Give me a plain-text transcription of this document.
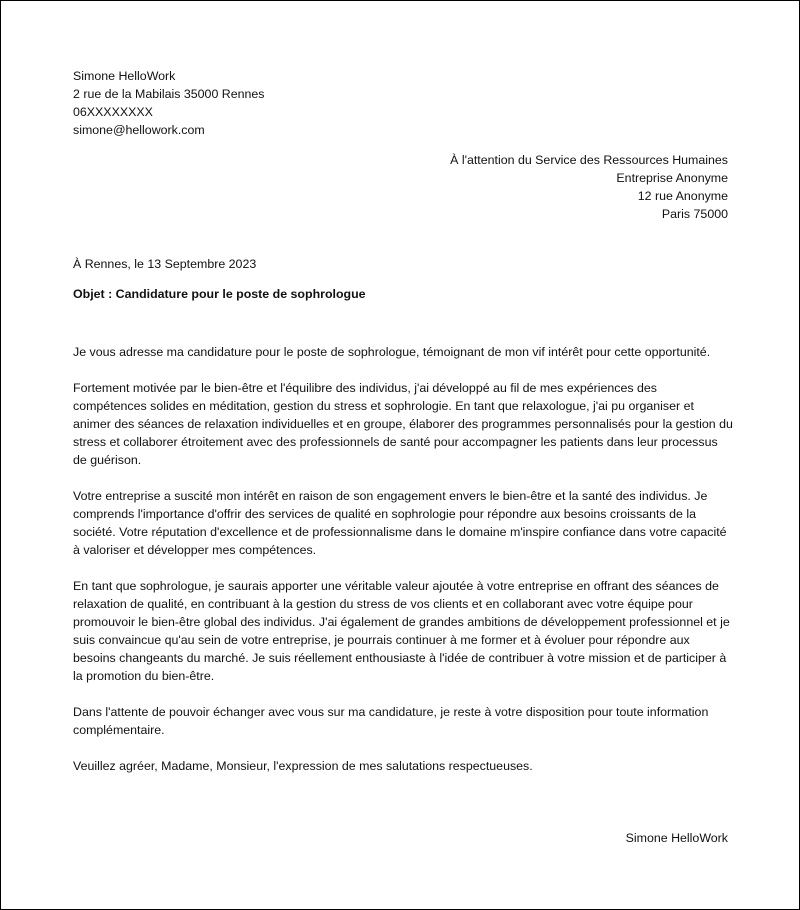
Simone HelloWork
2 rue de la Mabilais 35000 Rennes
06XXXXXXXX
simone@hellowork.com
À l'attention du Service des Ressources Humaines
Entreprise Anonyme
12 rue Anonyme
Paris 75000
À Rennes, le 13 Septembre 2023
Objet : Candidature pour le poste de sophrologue

Je vous adresse ma candidature pour le poste de sophrologue, témoignant de mon vif intérêt pour cette opportunité.

Fortement motivée par le bien-être et l'équilibre des individus, j'ai développé au fil de mes expériences des compétences solides en méditation, gestion du stress et sophrologie. En tant que relaxologue, j'ai pu organiser et animer des séances de relaxation individuelles et en groupe, élaborer des programmes personnalisés pour la gestion du stress et collaborer étroitement avec des professionnels de santé pour accompagner les patients dans leur processus de guérison.

Votre entreprise a suscité mon intérêt en raison de son engagement envers le bien-être et la santé des individus. Je comprends l'importance d'offrir des services de qualité en sophrologie pour répondre aux besoins croissants de la société. Votre réputation d'excellence et de professionnalisme dans le domaine m'inspire confiance dans votre capacité à valoriser et développer mes compétences.

En tant que sophrologue, je saurais apporter une véritable valeur ajoutée à votre entreprise en offrant des séances de relaxation de qualité, en contribuant à la gestion du stress de vos clients et en collaborant avec votre équipe pour promouvoir le bien-être global des individus. J'ai également de grandes ambitions de développement professionnel et je suis convaincue qu'au sein de votre entreprise, je pourrais continuer à me former et à évoluer pour répondre aux besoins changeants du marché. Je suis réellement enthousiaste à l'idée de contribuer à votre mission et de participer à la promotion du bien-être.

Dans l'attente de pouvoir échanger avec vous sur ma candidature, je reste à votre disposition pour toute information complémentaire.

Veuillez agréer, Madame, Monsieur, l'expression de mes salutations respectueuses.

Simone HelloWork
